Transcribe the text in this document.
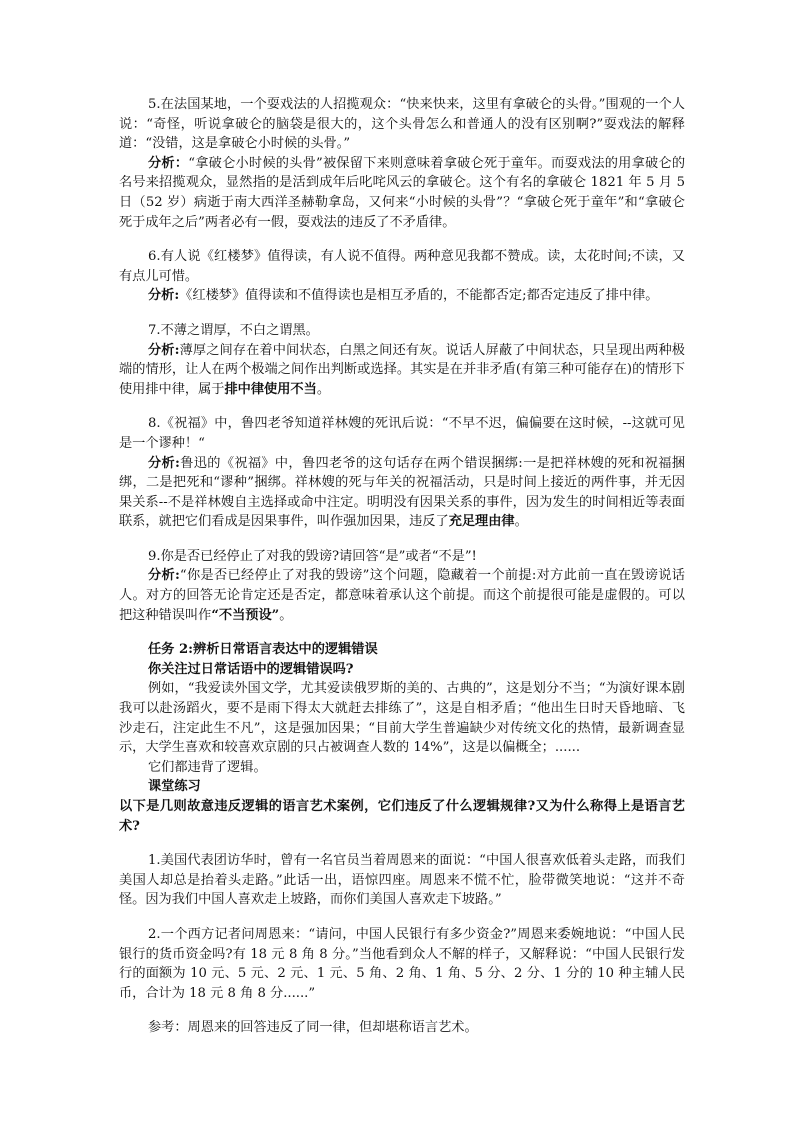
5.在法国某地，一个耍戏法的人招揽观众：“快来快来，这里有拿破仑的头骨。”围观的一个人说：“奇怪，听说拿破仑的脑袋是很大的，这个头骨怎么和普通人的没有区别啊?”耍戏法的解释道：“没错，这是拿破仑小时候的头骨。”

分析：“拿破仑小时候的头骨”被保留下来则意味着拿破仑死于童年。而耍戏法的用拿破仑的名号来招揽观众，显然指的是活到成年后叱咤风云的拿破仑。这个有名的拿破仑 1821 年 5 月 5 日（52 岁）病逝于南大西洋圣赫勒拿岛，又何来“小时候的头骨”？“拿破仑死于童年”和“拿破仑死于成年之后”两者必有一假，耍戏法的违反了不矛盾律。

6.有人说《红楼梦》值得读，有人说不值得。两种意见我都不赞成。读，太花时间;不读，又有点儿可惜。

分析:《红楼梦》值得读和不值得读也是相互矛盾的，不能都否定;都否定违反了排中律。

7.不薄之谓厚，不白之谓黑。

分析:薄厚之间存在着中间状态，白黑之间还有灰。说话人屏蔽了中间状态，只呈现出两种极端的情形，让人在两个极端之间作出判断或选择。其实是在并非矛盾(有第三种可能存在)的情形下使用排中律，属于排中律使用不当。

8.《祝福》中，鲁四老爷知道祥林嫂的死讯后说：“不早不迟，偏偏要在这时候，--这就可见是一个谬种！“

分析:鲁迅的《祝福》中，鲁四老爷的这句话存在两个错误捆绑:一是把祥林嫂的死和祝福捆绑，二是把死和“谬种”捆绑。祥林嫂的死与年关的祝福活动，只是时间上接近的两件事，并无因果关系--不是祥林嫂自主选择或命中注定。明明没有因果关系的事件，因为发生的时间相近等表面联系，就把它们看成是因果事件，叫作强加因果，违反了充足理由律。

9.你是否已经停止了对我的毁谤?请回答“是”或者“不是”!

分析:“你是否已经停止了对我的毁谤”这个问题，隐藏着一个前提:对方此前一直在毁谤说话人。对方的回答无论肯定还是否定，都意味着承认这个前提。而这个前提很可能是虚假的。可以把这种错误叫作“不当预设”。

任务 2:辨析日常语言表达中的逻辑错误

你关注过日常话语中的逻辑错误吗?

例如，“我爱读外国文学，尤其爱读俄罗斯的美的、古典的”，这是划分不当；“为演好课本剧我可以赴汤蹈火，要不是雨下得太大就赶去排练了”，这是自相矛盾；“他出生日时天昏地暗、飞沙走石，注定此生不凡”，这是强加因果；“目前大学生普遍缺少对传统文化的热情，最新调查显示，大学生喜欢和较喜欢京剧的只占被调查人数的 14%”，这是以偏概全；......

它们都违背了逻辑。

课堂练习

以下是几则故意违反逻辑的语言艺术案例，它们违反了什么逻辑规律?又为什么称得上是语言艺术?

1.美国代表团访华时，曾有一名官员当着周恩来的面说：“中国人很喜欢低着头走路，而我们美国人却总是抬着头走路。”此话一出，语惊四座。周恩来不慌不忙，脸带微笑地说：“这并不奇怪。因为我们中国人喜欢走上坡路，而你们美国人喜欢走下坡路。”

2.一个西方记者问周恩来：“请问，中国人民银行有多少资金?”周恩来委婉地说：“中国人民银行的货币资金吗?有 18 元 8 角 8 分。”当他看到众人不解的样子，又解释说：“中国人民银行发行的面额为 10 元、5 元、2 元、1 元、5 角、2 角、1 角、5 分、2 分、1 分的 10 种主辅人民币，合计为 18 元 8 角 8 分......”

参考：周恩来的回答违反了同一律，但却堪称语言艺术。
